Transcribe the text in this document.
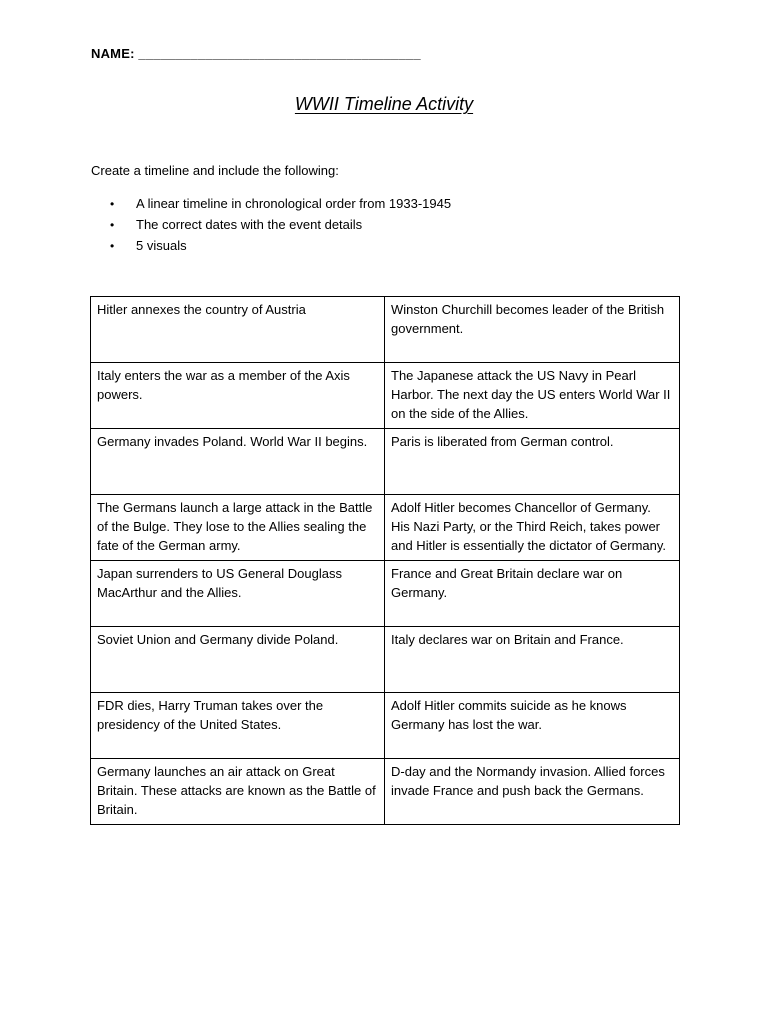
NAME: ______________________________________
WWII Timeline Activity
Create a timeline and include the following:
•	A linear timeline in chronological order from 1933-1945
•	The correct dates with the event details
•	5 visuals
Hitler annexes the country of Austria	Winston Churchill becomes leader of the British government.
Italy enters the war as a member of the Axis powers.	The Japanese attack the US Navy in Pearl Harbor. The next day the US enters World War II on the side of the Allies.
Germany invades Poland. World War II begins.	Paris is liberated from German control.
The Germans launch a large attack in the Battle of the Bulge. They lose to the Allies sealing the fate of the German army.	Adolf Hitler becomes Chancellor of Germany. His Nazi Party, or the Third Reich, takes power and Hitler is essentially the dictator of Germany.
Japan surrenders to US General Douglass MacArthur and the Allies.	France and Great Britain declare war on Germany.
Soviet Union and Germany divide Poland.	Italy declares war on Britain and France.
FDR dies, Harry Truman takes over the presidency of the United States.	Adolf Hitler commits suicide as he knows Germany has lost the war.
Germany launches an air attack on Great Britain. These attacks are known as the Battle of Britain.	D-day and the Normandy invasion. Allied forces invade France and push back the Germans.
